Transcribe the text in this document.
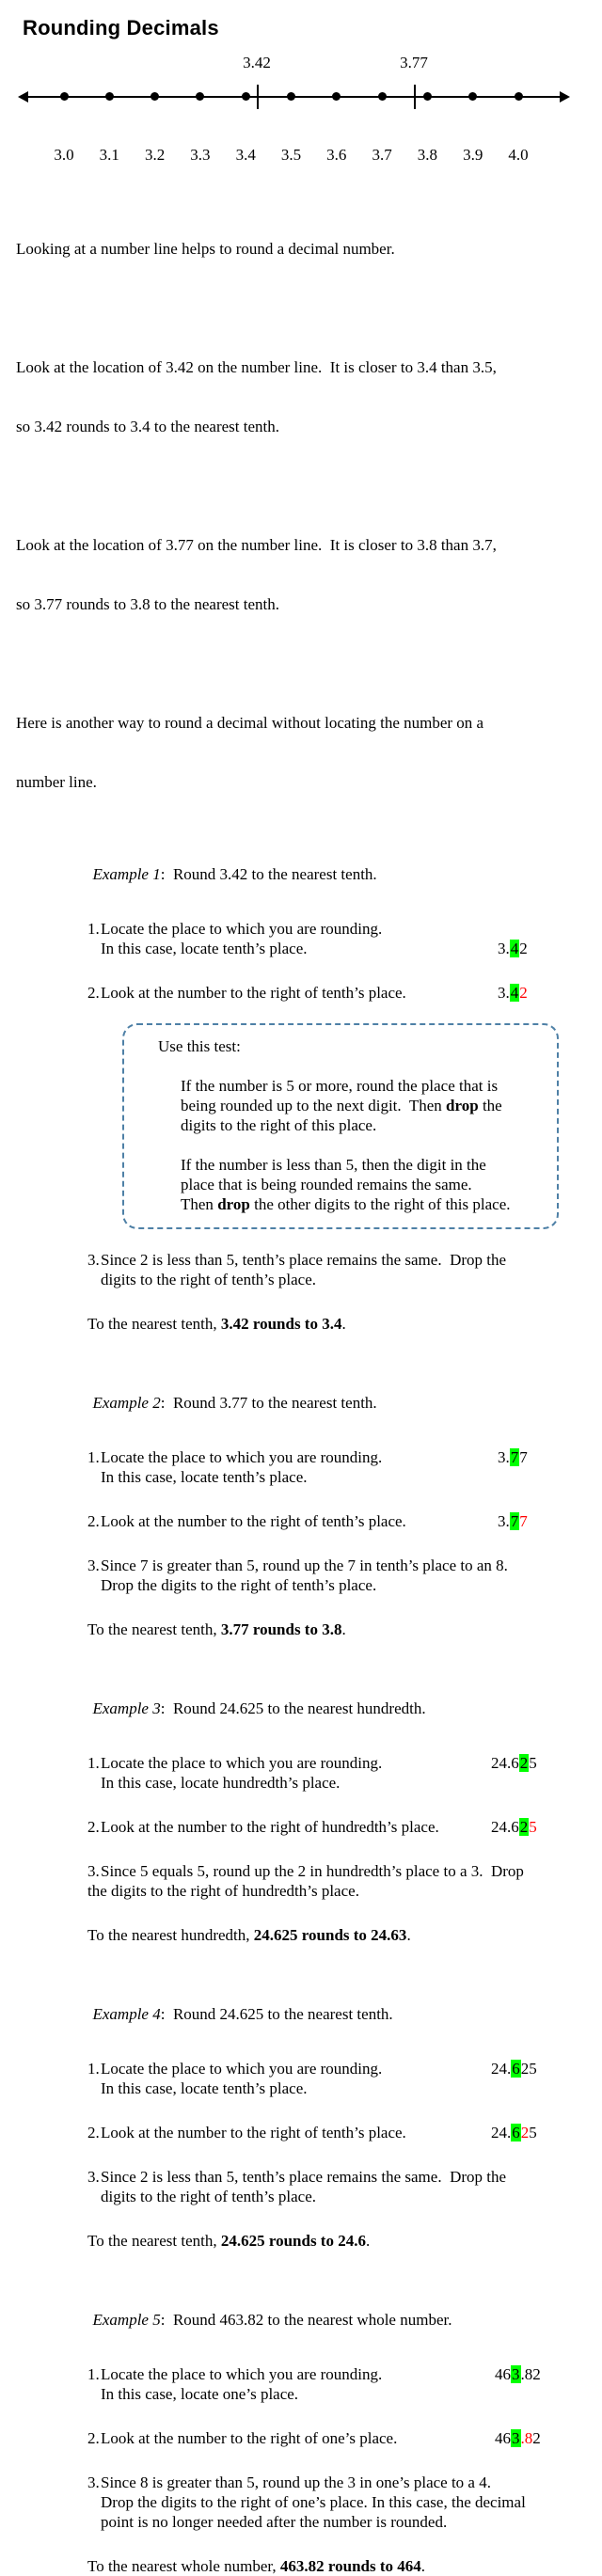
Rounding Decimals
3.0	3.1	3.2	3.3	3.4	3.5	3.6	3.7	3.8	3.9	4.0
3.42	3.77

Looking at a number line helps to round a decimal number.

Look at the location of 3.42 on the number line.  It is closer to 3.4 than 3.5,

so 3.42 rounds to 3.4 to the nearest tenth.

Look at the location of 3.77 on the number line.  It is closer to 3.8 than 3.7,

so 3.77 rounds to 3.8 to the nearest tenth.

Here is another way to round a decimal without locating the number on a

number line.

Example 1:  Round 3.42 to the nearest tenth.

1.Locate the place to which you are rounding.
In this case, locate tenth’s place.	3.42
2.Look at the number to the right of tenth’s place.	3.42
Use this test:
If the number is 5 or more, round the place that is
being rounded up to the next digit.  Then drop the
digits to the right of this place.
If the number is less than 5, then the digit in the
place that is being rounded remains the same.
Then drop the other digits to the right of this place.
3.Since 2 is less than 5, tenth’s place remains the same.  Drop the
digits to the right of tenth’s place.
To the nearest tenth, 3.42 rounds to 3.4.

Example 2:  Round 3.77 to the nearest tenth.

1.Locate the place to which you are rounding.
In this case, locate tenth’s place.
3.77
2.Look at the number to the right of tenth’s place.	3.77
3.Since 7 is greater than 5, round up the 7 in tenth’s place to an 8.
Drop the digits to the right of tenth’s place.
To the nearest tenth, 3.77 rounds to 3.8.

Example 3:  Round 24.625 to the nearest hundredth.

1.Locate the place to which you are rounding.
In this case, locate hundredth’s place.
24.625
2.Look at the number to the right of hundredth’s place.	24.625
3.Since 5 equals 5, round up the 2 in hundredth’s place to a 3.  Drop
the digits to the right of hundredth’s place.
To the nearest hundredth, 24.625 rounds to 24.63.

Example 4:  Round 24.625 to the nearest tenth.

1.Locate the place to which you are rounding.
In this case, locate tenth’s place.
24.625
2.Look at the number to the right of tenth’s place.	24.625
3.Since 2 is less than 5, tenth’s place remains the same.  Drop the
digits to the right of tenth’s place.
To the nearest tenth, 24.625 rounds to 24.6.

Example 5:  Round 463.82 to the nearest whole number.

1.Locate the place to which you are rounding.
In this case, locate one’s place.
463.82
2.Look at the number to the right of one’s place.	463.82
3.Since 8 is greater than 5, round up the 3 in one’s place to a 4.
Drop the digits to the right of one’s place. In this case, the decimal
point is no longer needed after the number is rounded.
To the nearest whole number, 463.82 rounds to 464.
